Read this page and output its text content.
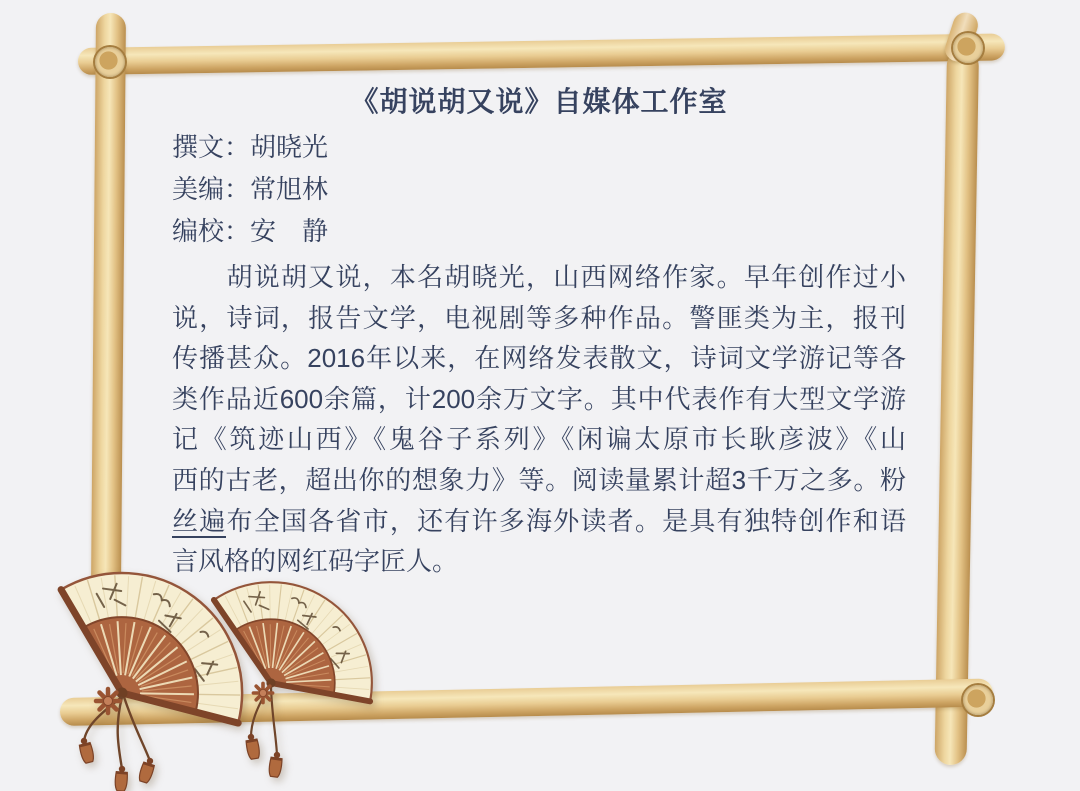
《胡说胡又说》自媒体工作室
撰文：胡晓光
美编：常旭林
编校：安　静
　　胡说胡又说，本名胡晓光，山西网络作家。早年创作过小
说，诗词，报告文学，电视剧等多种作品。警匪类为主，报刊
传播甚众。2016年以来，在网络发表散文，诗词文学游记等各
类作品近600余篇，计200余万文字。其中代表作有大型文学游
记《筑迹山西》《鬼谷子系列》《闲谝太原市长耿彦波》《山
西的古老，超出你的想象力》等。阅读量累计超3千万之多。粉
丝遍布全国各省市，还有许多海外读者。是具有独特创作和语
言风格的网红码字匠人。
